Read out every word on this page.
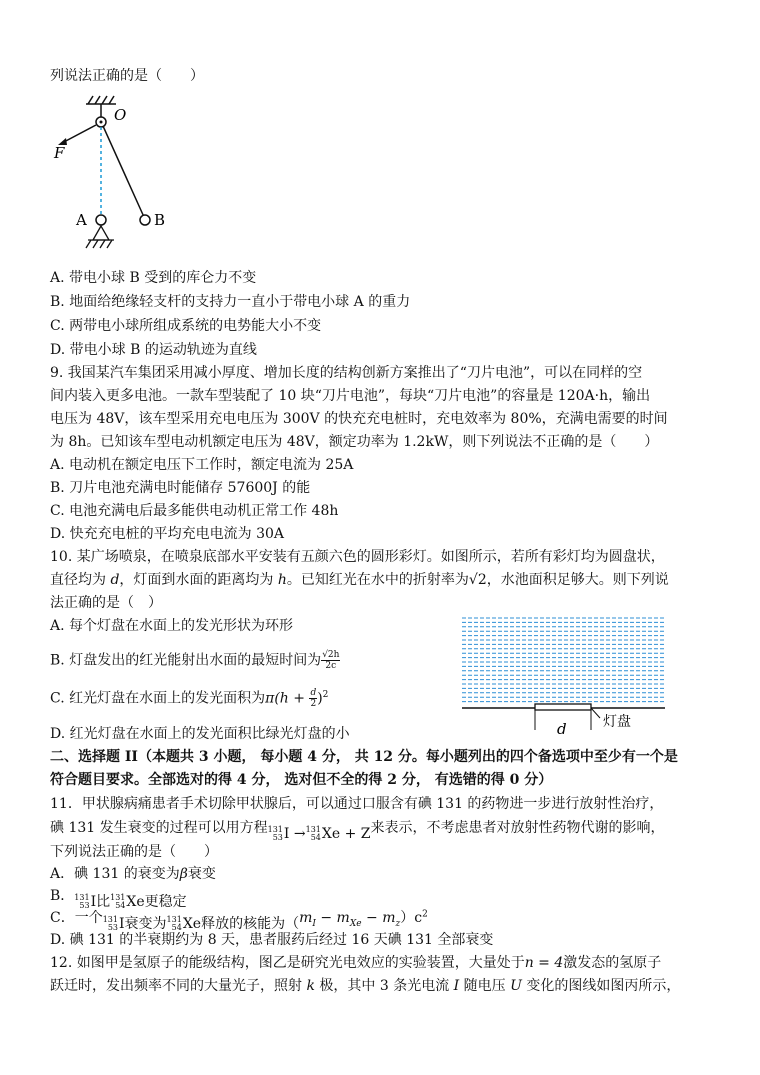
列说法正确的是（　　）
O
F
A	B
A. 带电小球 B 受到的库仑力不变
B. 地面给绝缘轻支杆的支持力一直小于带电小球 A 的重力
C. 两带电小球所组成系统的电势能大小不变
D. 带电小球 B 的运动轨迹为直线
9. 我国某汽车集团采用减小厚度、增加长度的结构创新方案推出了“刀片电池”，可以在同样的空
间内装入更多电池。一款车型装配了 10 块“刀片电池”，每块“刀片电池”的容量是 120A·h，输出
电压为 48V，该车型采用充电电压为 300V 的快充充电桩时，充电效率为 80%，充满电需要的时间
为 8h。已知该车型电动机额定电压为 48V，额定功率为 1.2kW，则下列说法不正确的是（　　）
A. 电动机在额定电压下工作时，额定电流为 25A
B. 刀片电池充满电时能储存 57600J 的能
C. 电池充满电后最多能供电动机正常工作 48h
D. 快充充电桩的平均充电电流为 30A
10. 某广场喷泉，在喷泉底部水平安装有五颜六色的圆形彩灯。如图所示，若所有彩灯均为圆盘状，
直径均为 d，灯面到水面的距离均为 h。已知红光在水中的折射率为√2，水池面积足够大。则下列说
法正确的是（　）
A. 每个灯盘在水面上的发光形状为环形
B. 灯盘发出的红光能射出水面的最短时间为 $\frac{√2h}{2c}$
C. 红光灯盘在水面上的发光面积为$\pi(h + \frac{d}{2} )^2$
D. 红光灯盘在水面上的发光面积比绿光灯盘的小	d	灯盘
二、选择题 II（本题共 3 小题， 每小题 4 分， 共 12 分。每小题列出的四个备选项中至少有一个是
符合题目要求。全部选对的得 4 分， 选对但不全的得 2 分， 有选错的得 0 分）
11．甲状腺病痛患者手术切除甲状腺后，可以通过口服含有碘 131 的药物进一步进行放射性治疗，
碘 131 发生衰变的过程可以用方程 131
53 I → 131
54 Xe + Z 来表示，不考虑患者对放射性药物代谢的影响，
下列说法正确的是（　　）
A．碘 131 的衰变为β衰变
B． 131
53 I比 131
54 Xe更稳定
C．一个 131
53 I衰变为 131
54 Xe释放的核能为（ $m_I - m_{Xe} - m_z)c^2$
D. 碘 131 的半衰期约为 8 天，患者服药后经过 16 天碘 131 全部衰变
12. 如图甲是氢原子的能级结构，图乙是研究光电效应的实验装置，大量处于n = 4激发态的氢原子
跃迁时，发出频率不同的大量光子，照射 k 极，其中 3 条光电流 I 随电压 U 变化的图线如图丙所示，
